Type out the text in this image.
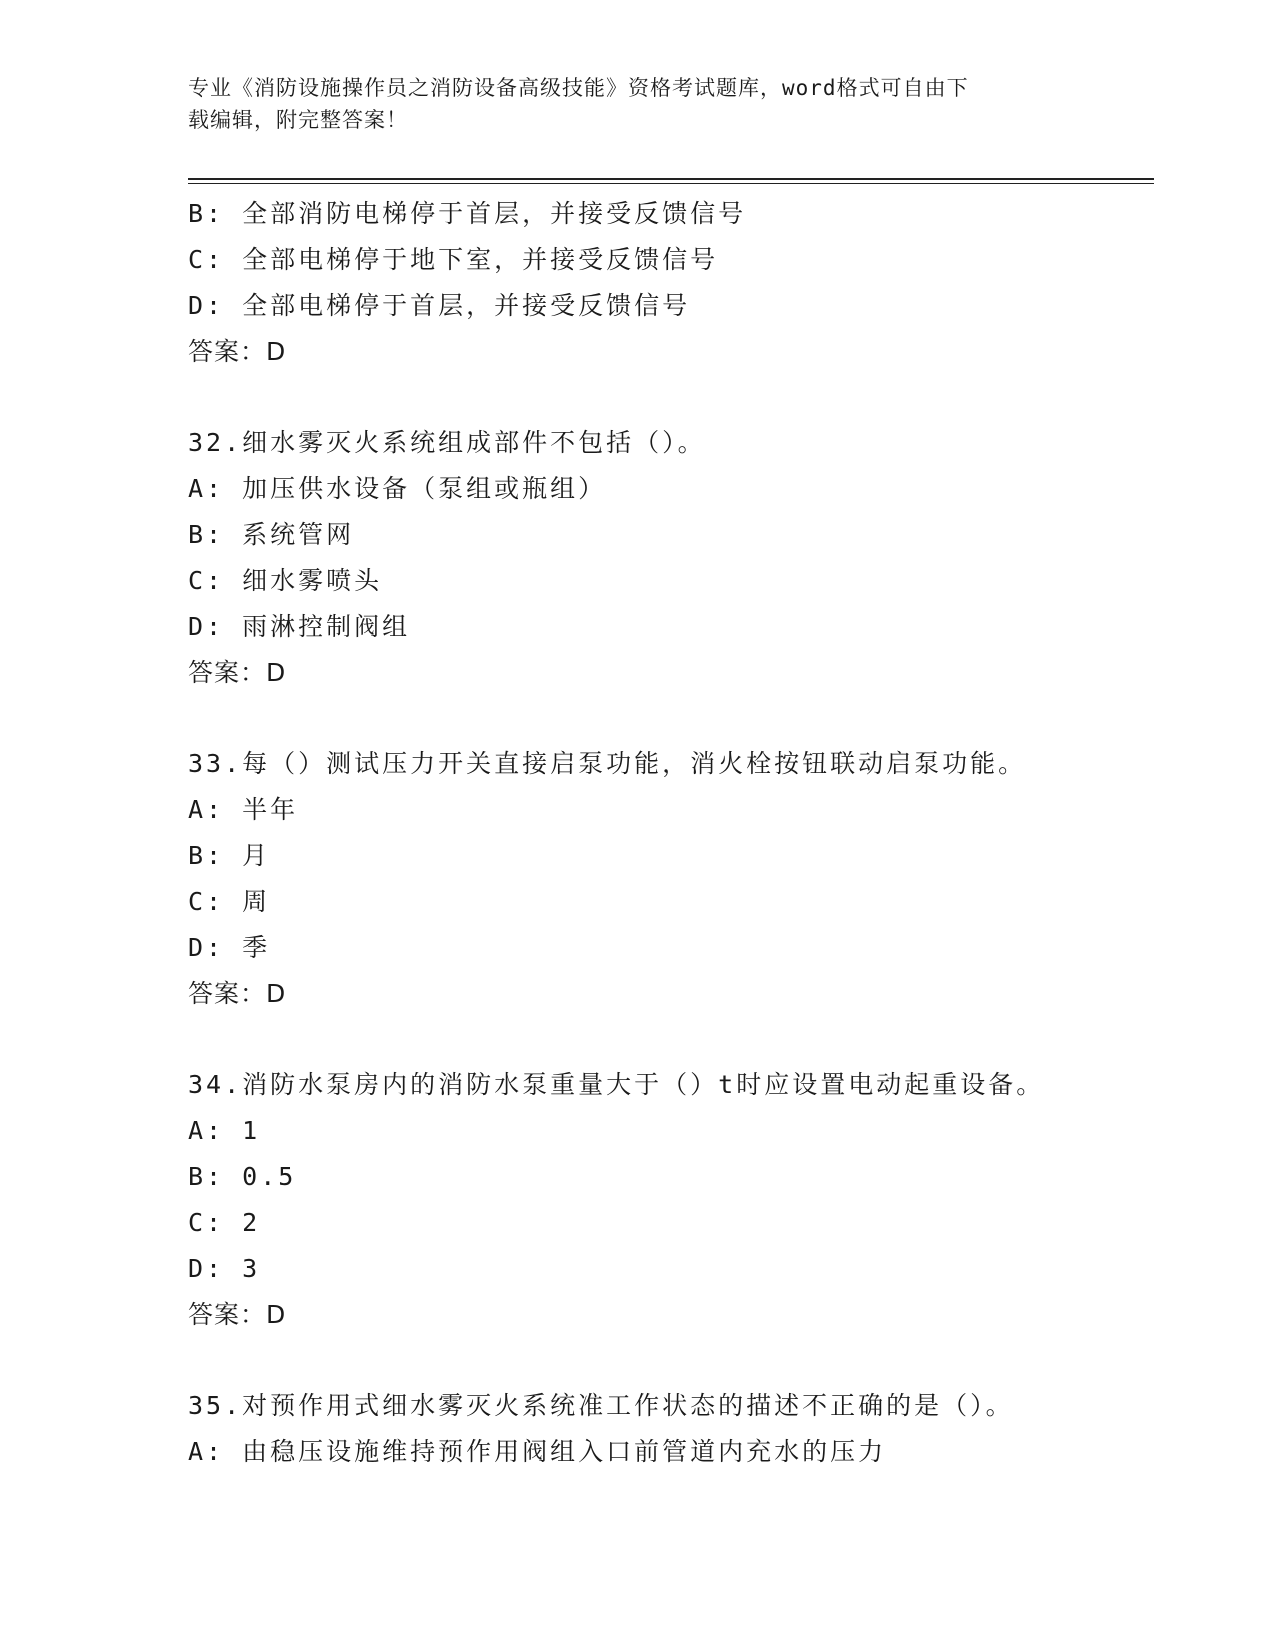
专业《消防设施操作员之消防设备高级技能》资格考试题库，word格式可自由下
载编辑，附完整答案！
B: 全部消防电梯停于首层，并接受反馈信号
C: 全部电梯停于地下室，并接受反馈信号
D: 全部电梯停于首层，并接受反馈信号
答案：D
32.细水雾灭火系统组成部件不包括（）。
A: 加压供水设备（泵组或瓶组）
B: 系统管网
C: 细水雾喷头
D: 雨淋控制阀组
答案：D
33.每（）测试压力开关直接启泵功能，消火栓按钮联动启泵功能。
A: 半年
B: 月
C: 周
D: 季
答案：D
34.消防水泵房内的消防水泵重量大于（）t时应设置电动起重设备。
A: 1
B: 0.5
C: 2
D: 3
答案：D
35.对预作用式细水雾灭火系统准工作状态的描述不正确的是（）。
A: 由稳压设施维持预作用阀组入口前管道内充水的压力
